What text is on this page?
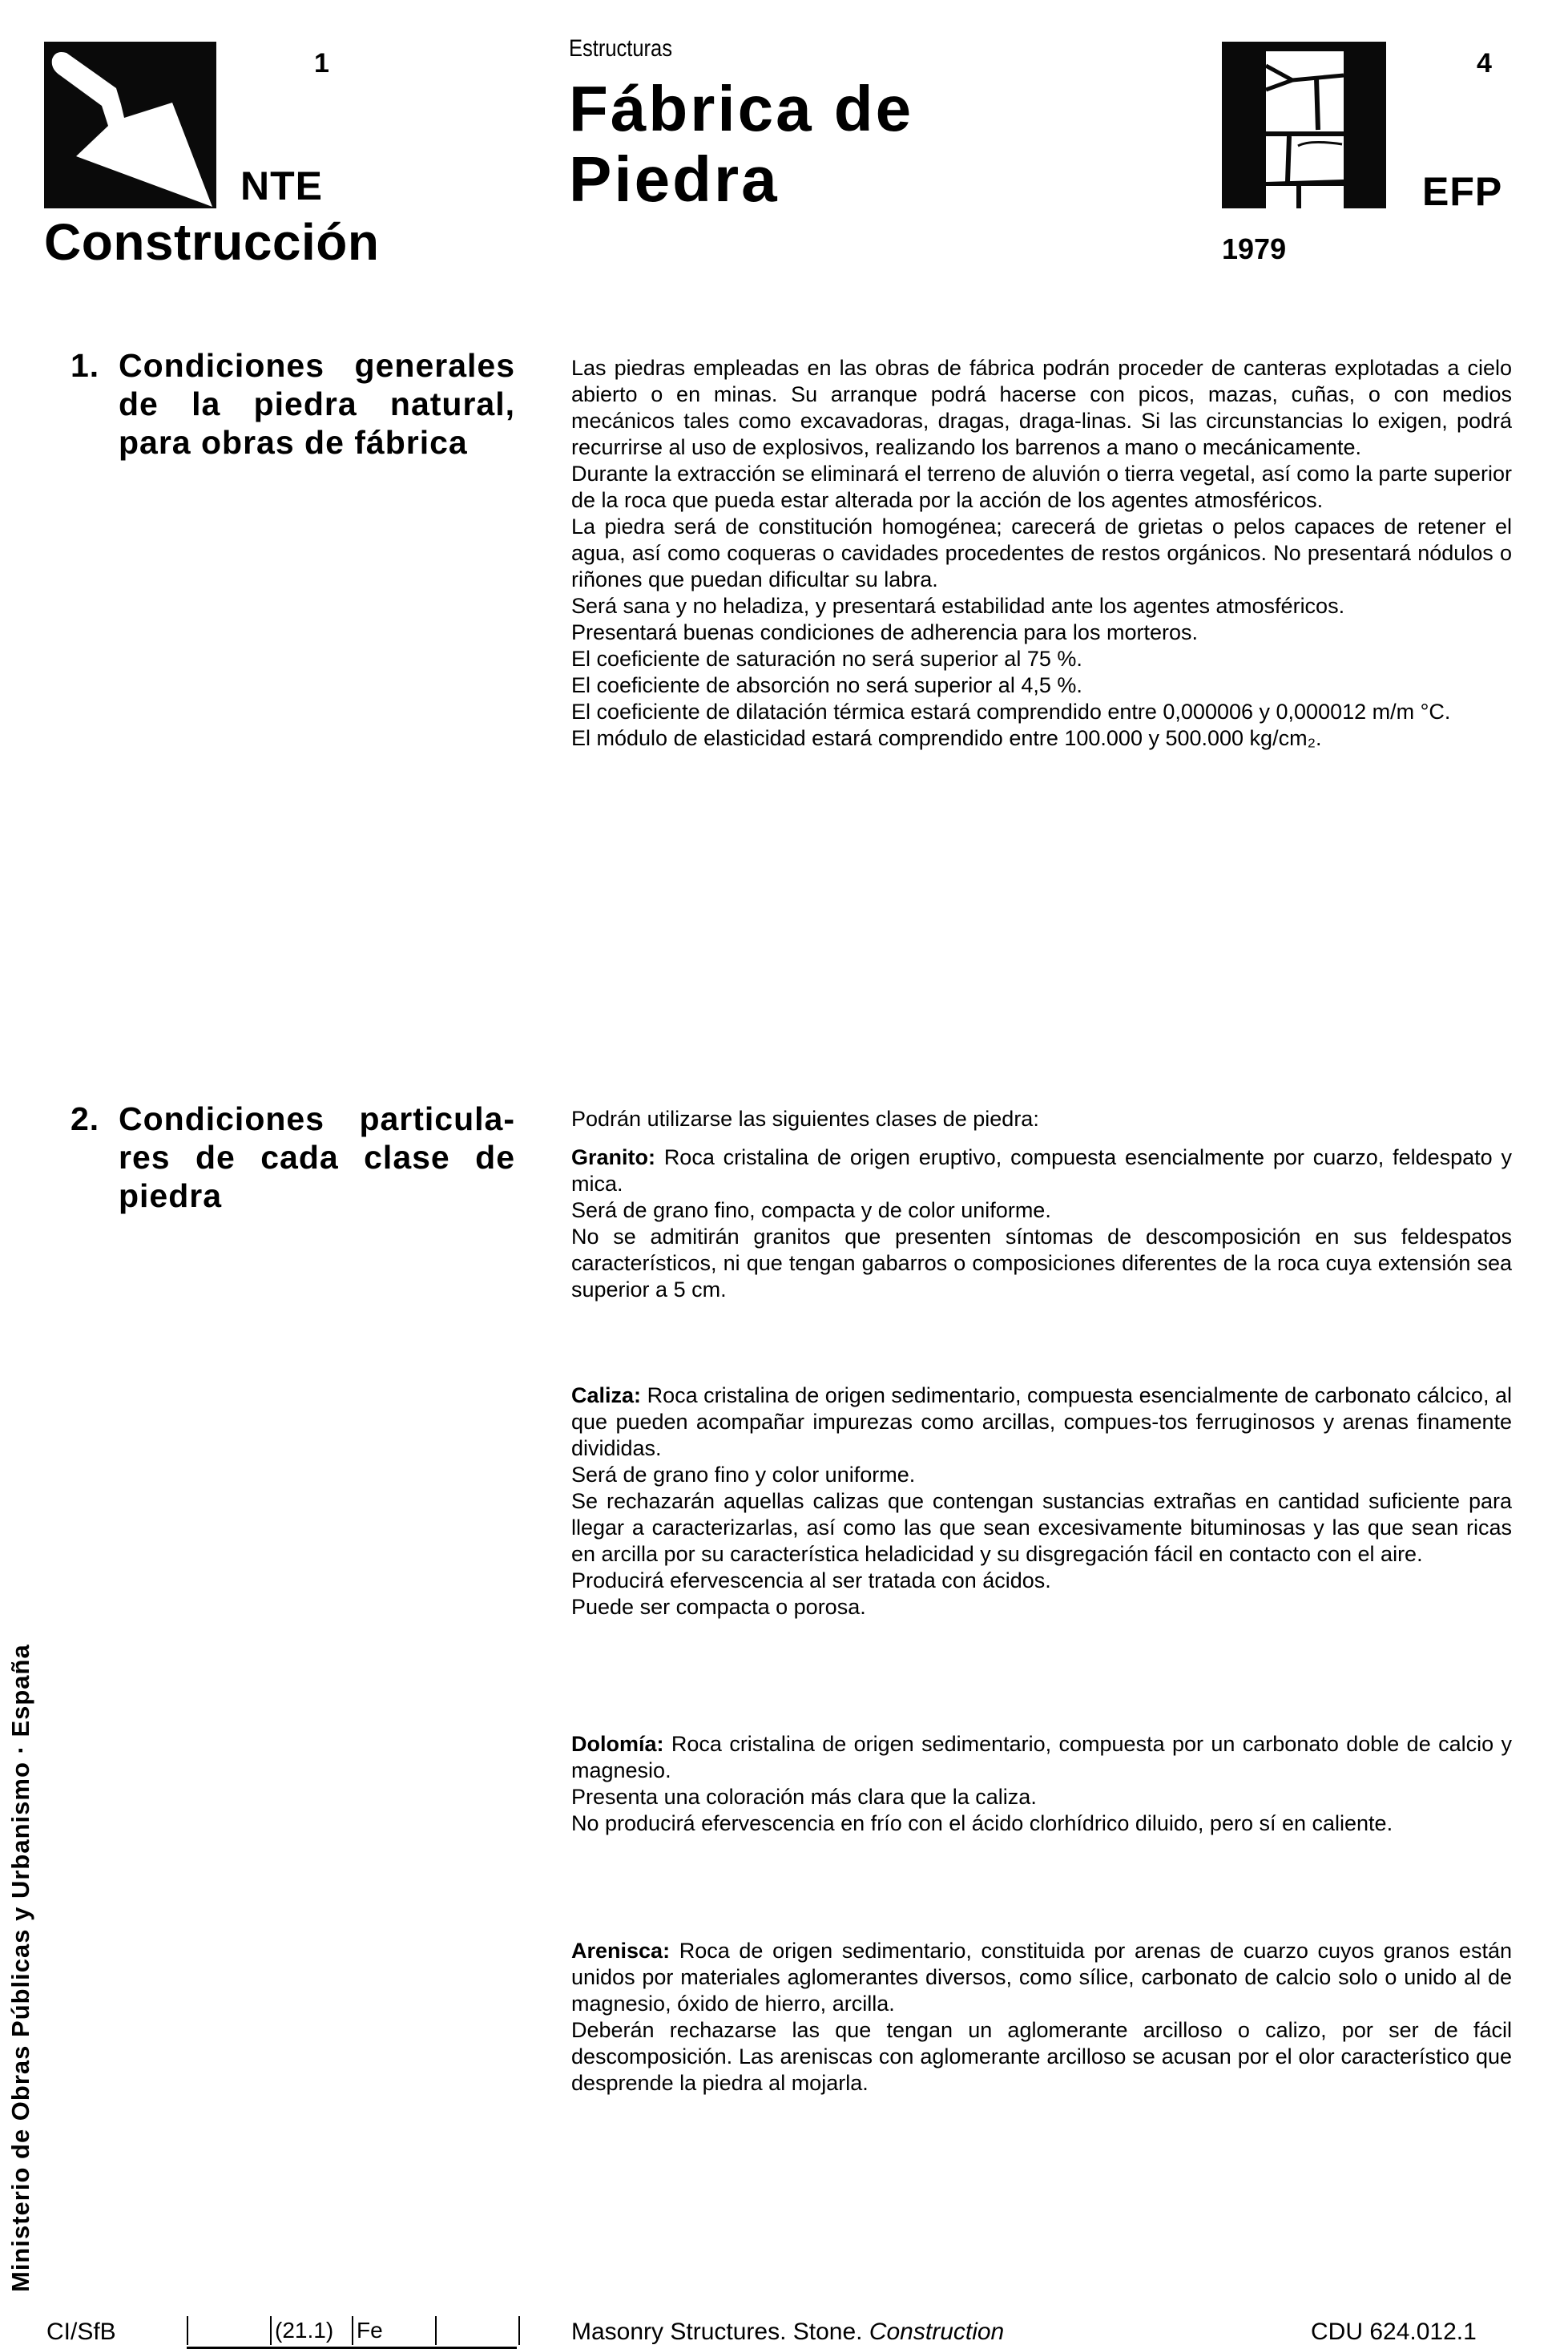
1
NTE
Construcción
Estructuras
Fábrica de
Piedra
4
EFP
1979
1. Condiciones generales de la piedra natural, para obras de fábrica

Las piedras empleadas en las obras de fábrica podrán proceder de canteras explotadas a cielo abierto o en minas. Su arranque podrá hacerse con picos, mazas, cuñas, o con medios mecánicos tales como excavadoras, dragas, draga-linas. Si las circunstancias lo exigen, podrá recurrirse al uso de explosivos, realizando los barrenos a mano o mecánicamente.

Durante la extracción se eliminará el terreno de aluvión o tierra vegetal, así como la parte superior de la roca que pueda estar alterada por la acción de los agentes atmosféricos.

La piedra será de constitución homogénea; carecerá de grietas o pelos capaces de retener el agua, así como coqueras o cavidades procedentes de restos orgánicos. No presentará nódulos o riñones que puedan dificultar su labra.

Será sana y no heladiza, y presentará estabilidad ante los agentes atmosféricos.

Presentará buenas condiciones de adherencia para los morteros.

El coeficiente de saturación no será superior al 75 %.

El coeficiente de absorción no será superior al 4,5 %.

El coeficiente de dilatación térmica estará comprendido entre 0,000006 y 0,000012 m/m °C.

El módulo de elasticidad estará comprendido entre 100.000 y 500.000 kg/cm₂.

2. Condiciones particula-res de cada clase de piedra

Podrán utilizarse las siguientes clases de piedra:

Granito: Roca cristalina de origen eruptivo, compuesta esencialmente por cuarzo, feldespato y mica.

Será de grano fino, compacta y de color uniforme.

No se admitirán granitos que presenten síntomas de descomposición en sus feldespatos característicos, ni que tengan gabarros o composiciones diferentes de la roca cuya extensión sea superior a 5 cm.

Caliza: Roca cristalina de origen sedimentario, compuesta esencialmente de carbonato cálcico, al que pueden acompañar impurezas como arcillas, compues-tos ferruginosos y arenas finamente divididas.

Será de grano fino y color uniforme.

Se rechazarán aquellas calizas que contengan sustancias extrañas en cantidad suficiente para llegar a caracterizarlas, así como las que sean excesivamente bituminosas y las que sean ricas en arcilla por su característica heladicidad y su disgregación fácil en contacto con el aire.

Producirá efervescencia al ser tratada con ácidos.

Puede ser compacta o porosa.

Dolomía: Roca cristalina de origen sedimentario, compuesta por un carbonato doble de calcio y magnesio.

Presenta una coloración más clara que la caliza.

No producirá efervescencia en frío con el ácido clorhídrico diluido, pero sí en caliente.

Arenisca: Roca de origen sedimentario, constituida por arenas de cuarzo cuyos granos están unidos por materiales aglomerantes diversos, como sílice, carbonato de calcio solo o unido al de magnesio, óxido de hierro, arcilla.

Deberán rechazarse las que tengan un aglomerante arcilloso o calizo, por ser de fácil descomposición. Las areniscas con aglomerante arcilloso se acusan por el olor característico que desprende la piedra al mojarla.

Ministerio de Obras Públicas y Urbanismo · España
CI/SfB	(21.1)	Fe	Masonry Structures. Stone. Construction	CDU 624.012.1
